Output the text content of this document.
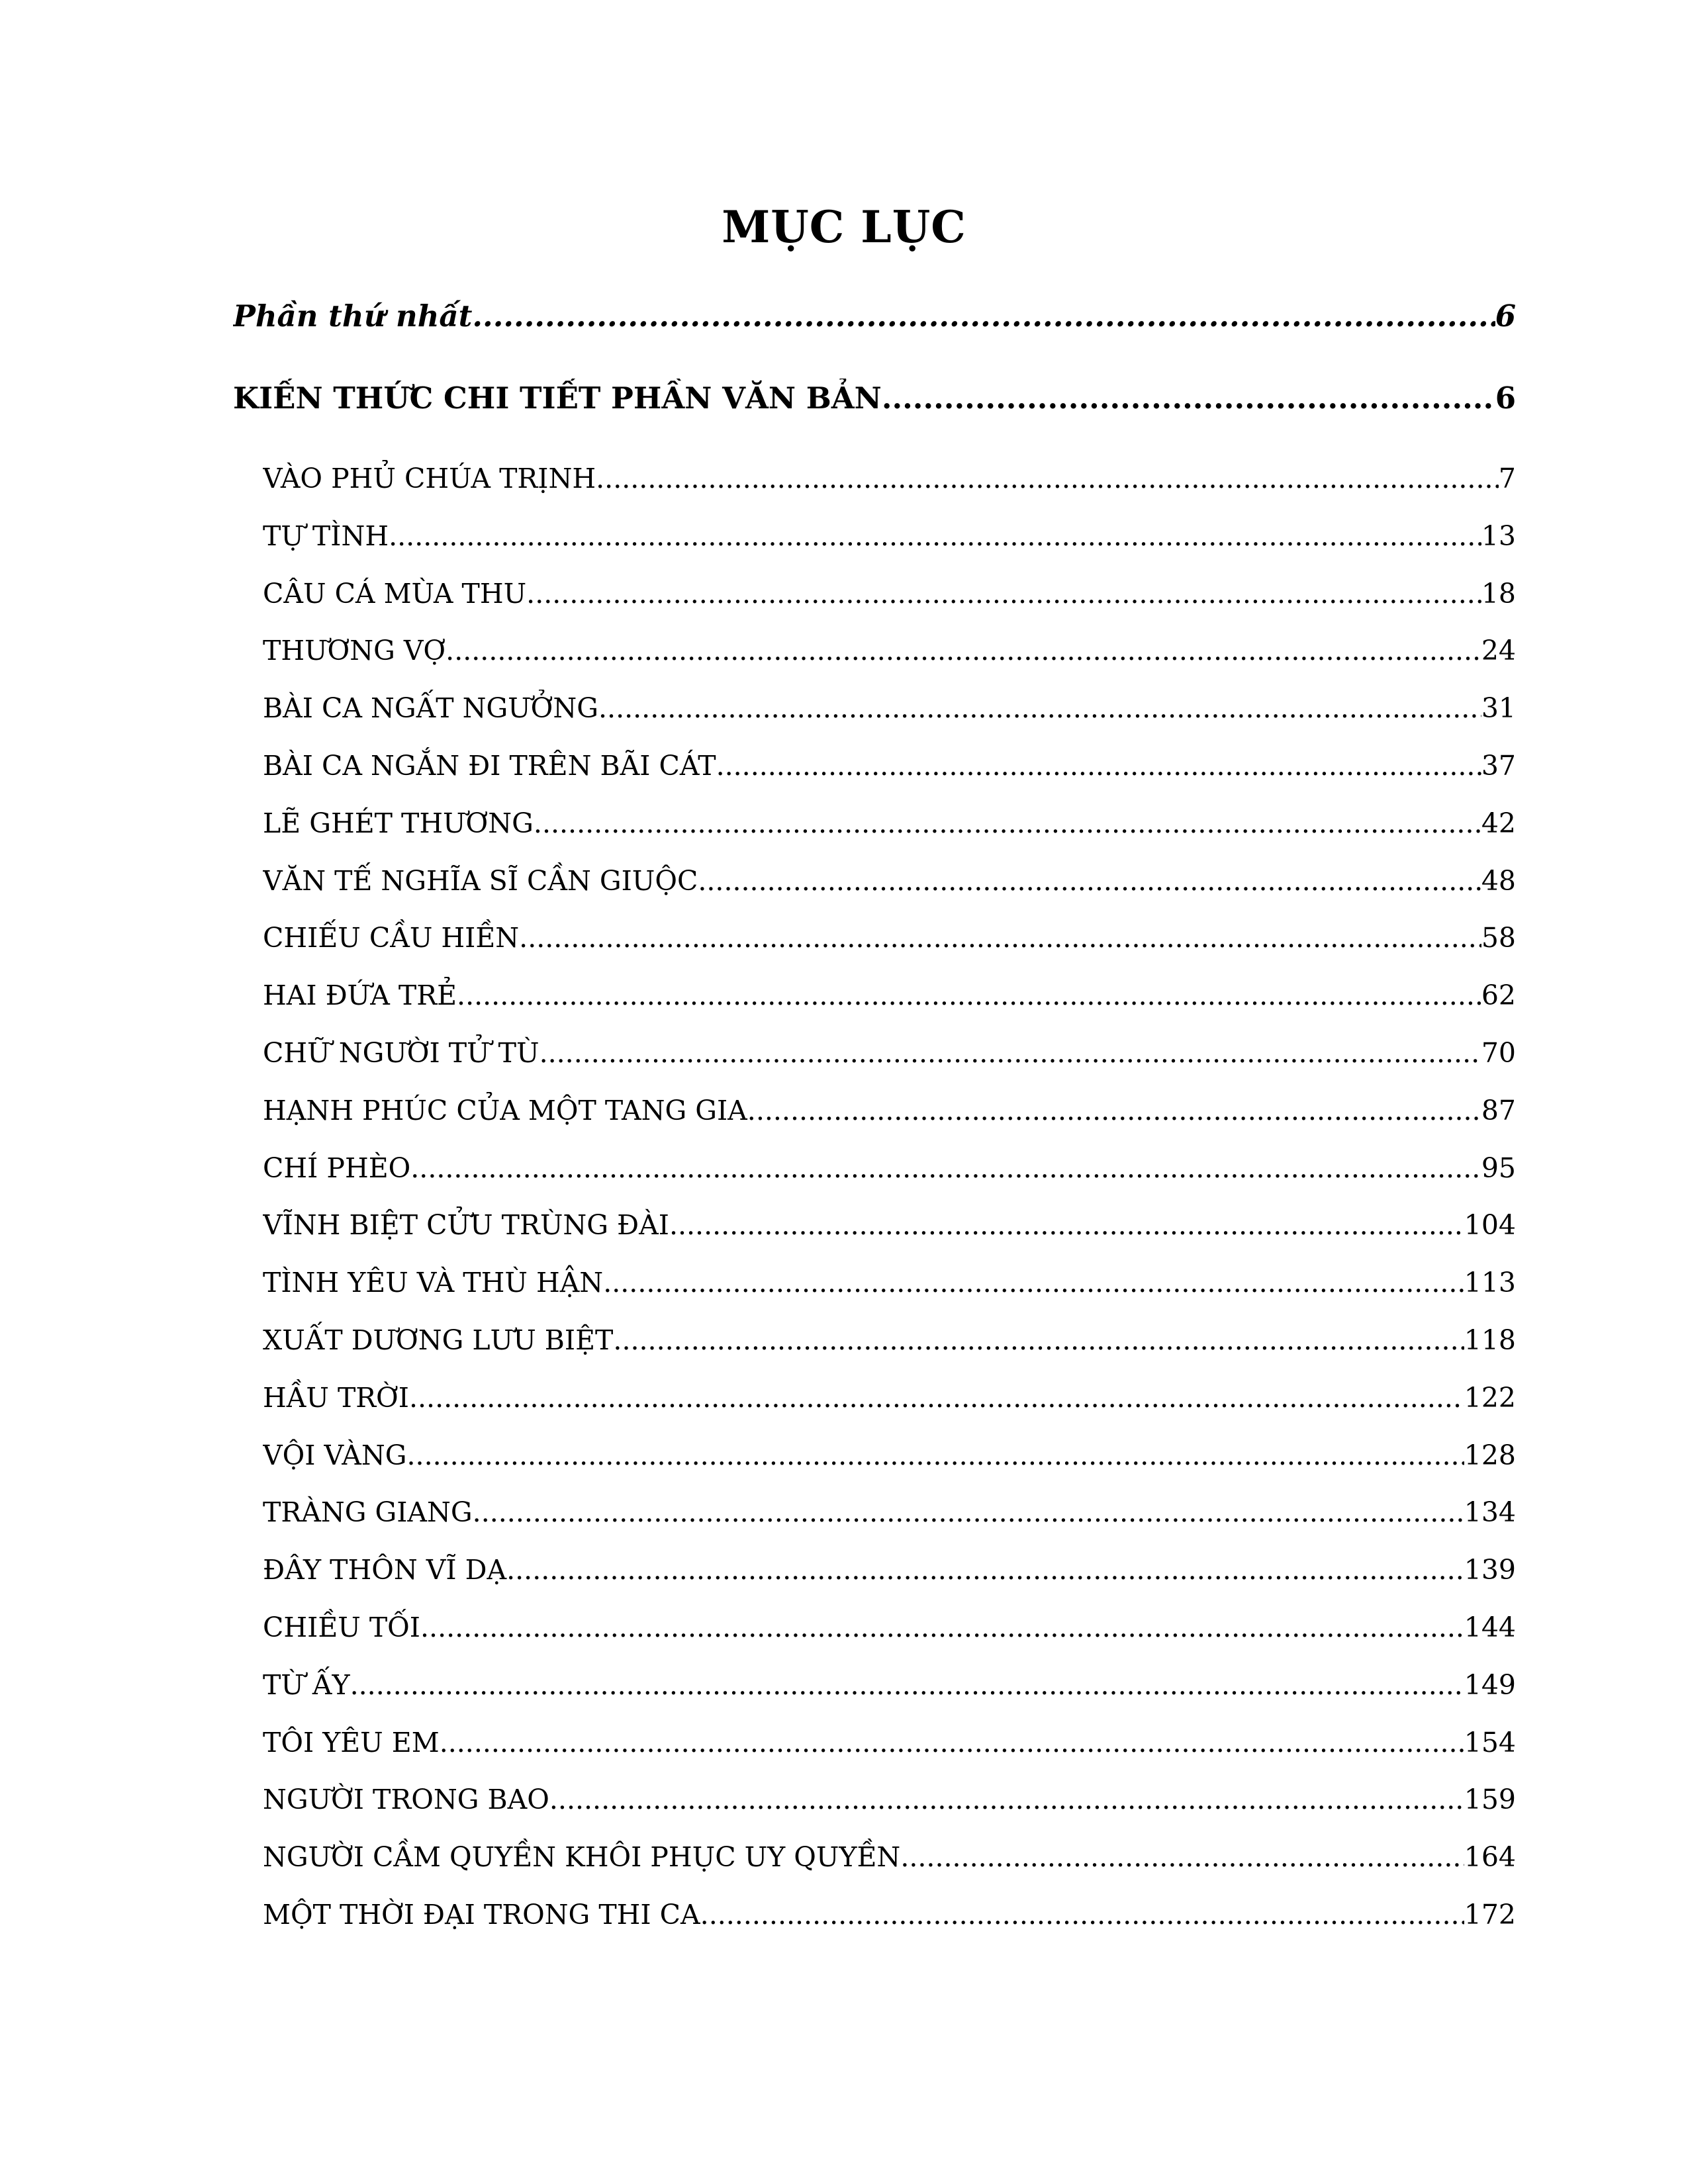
MỤC LỤC
Phần thứ nhất .....	6
KIẾN THỨC CHI TIẾT PHẦN VĂN BẢN .....	6
VÀO PHỦ CHÚA TRỊNH .....	7
TỰ TÌNH .....	13
CÂU CÁ MÙA THU .....	18
THƯƠNG VỢ .....	24
BÀI CA NGẤT NGƯỞNG .....	31
BÀI CA NGẮN ĐI TRÊN BÃI CÁT .....	37
LẼ GHÉT THƯƠNG .....	42
VĂN TẾ NGHĨA SĨ CẦN GIUỘC .....	48
CHIẾU CẦU HIỀN .....	58
HAI ĐỨA TRẺ .....	62
CHỮ NGƯỜI TỬ TÙ .....	70
HẠNH PHÚC CỦA MỘT TANG GIA .....	87
CHÍ PHÈO .....	95
VĨNH BIỆT CỬU TRÙNG ĐÀI .....	104
TÌNH YÊU VÀ THÙ HẬN .....	113
XUẤT DƯƠNG LƯU BIỆT .....	118
HẦU TRỜI .....	122
VỘI VÀNG .....	128
TRÀNG GIANG .....	134
ĐÂY THÔN VĨ DẠ .....	139
CHIỀU TỐI .....	144
TỪ ẤY .....	149
TÔI YÊU EM .....	154
NGƯỜI TRONG BAO .....	159
NGƯỜI CẦM QUYỀN KHÔI PHỤC UY QUYỀN .....	164
MỘT THỜI ĐẠI TRONG THI CA .....	172
